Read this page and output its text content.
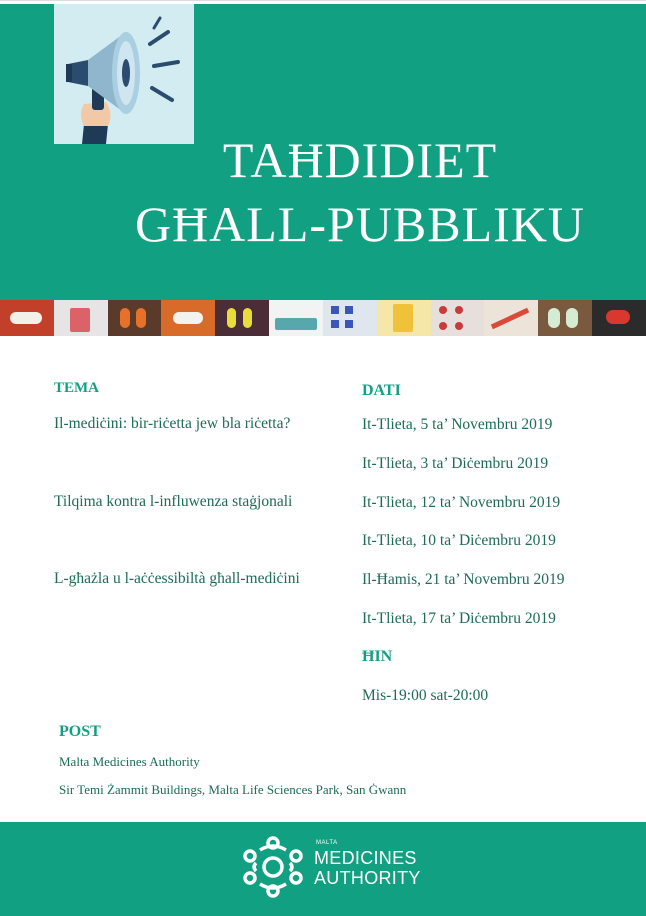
TAĦDIDIET
GĦALL-PUBBLIKU
TEMA	DATI
Il-mediċini: bir-riċetta jew bla riċetta?
Tilqima kontra l-influwenza staġjonali
L-għażla u l-aċċessibiltà għall-mediċini
It-Tlieta, 5 ta’ Novembru 2019
It-Tlieta, 3 ta’ Diċembru 2019
It-Tlieta, 12 ta’ Novembru 2019
It-Tlieta, 10 ta’ Diċembru 2019
Il-Ħamis, 21 ta’ Novembru 2019
It-Tlieta, 17 ta’ Diċembru 2019
ĦIN
Mis-19:00 sat-20:00
POST
Malta Medicines Authority
Sir Temi Żammit Buildings, Malta Life Sciences Park, San Ġwann
MALTA
MEDICINES
AUTHORITY
